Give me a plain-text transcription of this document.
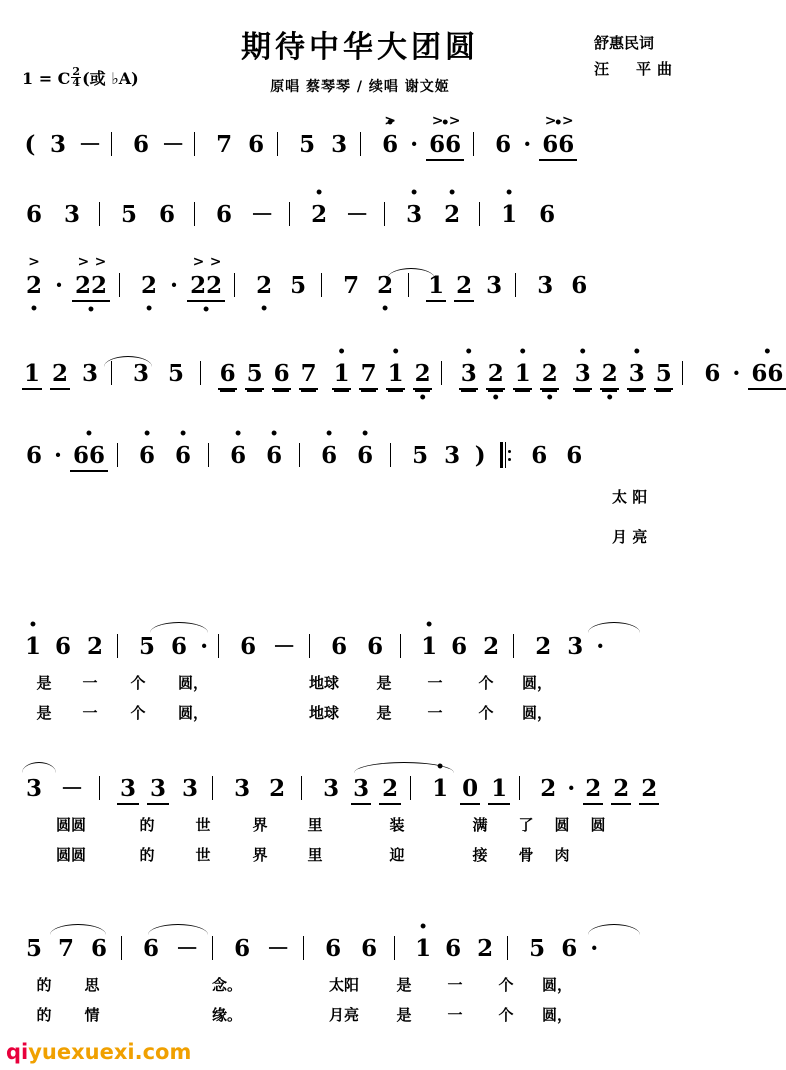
期待中华大团圆	舒惠民词
汪　平曲
原唱 蔡琴琴 / 续唱 谢文姬
1 = C $\frac{2}{4}$ (或 ♭A)
( 3 － 6 － 7 6 5 3 • 6
>
· • 66
> >
6 · • 66
> >
6 3 5 6 6 － • 2 － • 3 • 2 • 1 6
2
>
• · 22
> >
• 2 • · 22
> >
• 2 • 5 7 2 • 1 2 3 3 6
1 2 3 3 5 6 5 6 7 • 1 7 • 1 2 • • 3 2 • • 1 2 • • 3 2 • • 3 5 6 · • 66
6 · • 66 • 6 • 6 • 6 • 6 • 6 • 6 5 3 ) 6 6
太 阳
月 亮
• 1 6 2 5 6 · 6 － 6 6 • 1 6 2 2 3 ·
是 一 个 圆，	地球 是 一 个 圆，
是 一 个 圆，	地球 是 一 个 圆，
3 － 3 3 3 3 2 3 3 2 • 1 0 1 2 · 2 2 2
圆圆	的	世	界	里	装	满 了 圆 圆
圆圆	的	世	界	里	迎	接 骨 肉
5 7 6 6 － 6 － 6 6 • 1 6 2 5 6 ·
的 思	念。	太阳 是 一 个 圆，
的 情	缘。	月亮 是 一 个 圆，
qiyuexuexi.com
